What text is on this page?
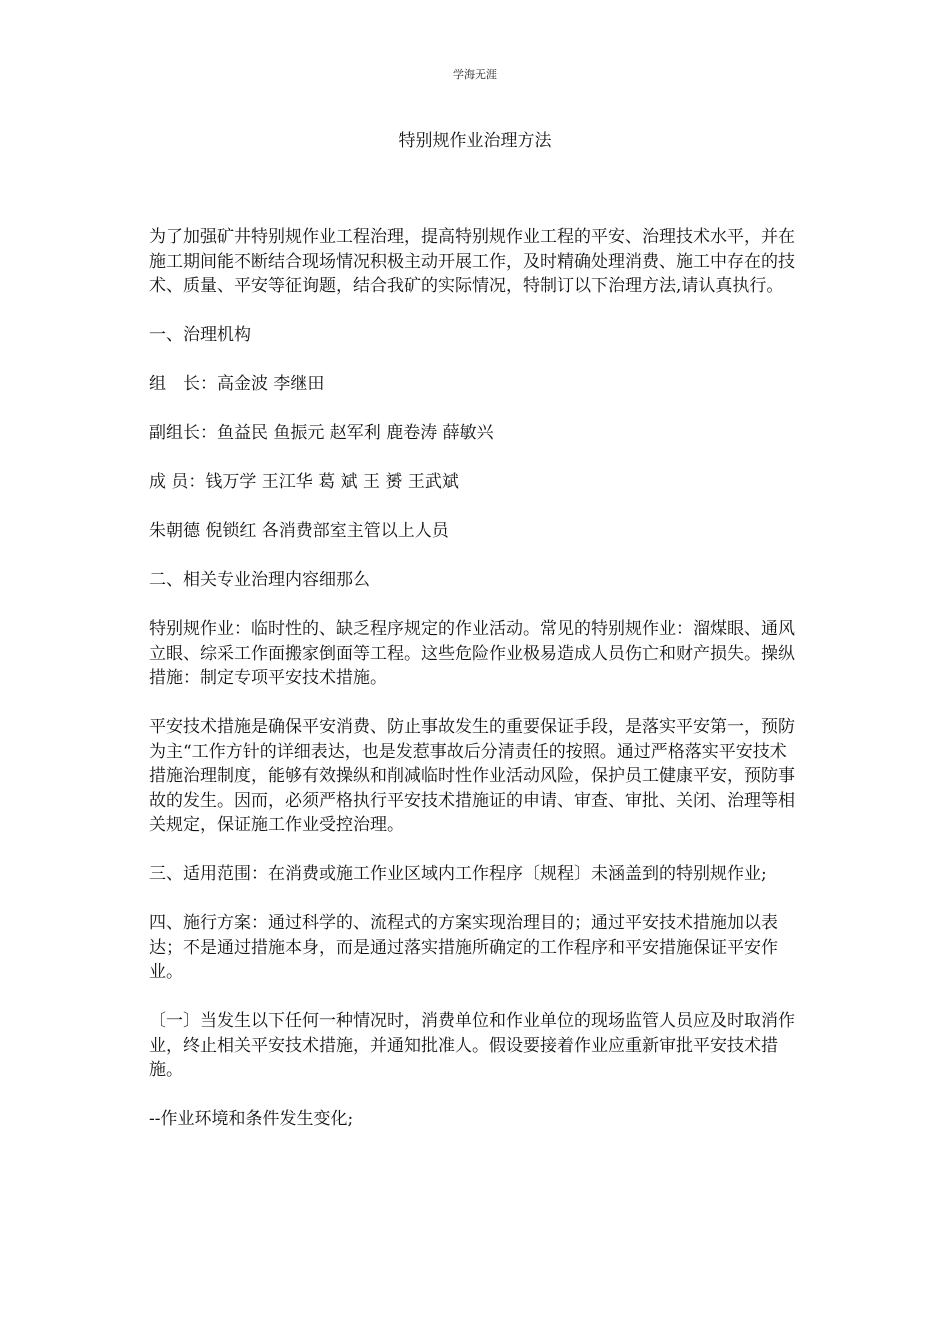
学海无涯
特别规作业治理方法

为了加强矿井特别规作业工程治理，提高特别规作业工程的平安、治理技术水平，并在施工期间能不断结合现场情况积极主动开展工作，及时精确处理消费、施工中存在的技术、质量、平安等征询题，结合我矿的实际情况，特制订以下治理方法,请认真执行。

一、治理机构

组　长：高金波 李继田

副组长：鱼益民 鱼振元 赵军利 鹿卷涛 薛敏兴

成 员：钱万学 王江华 葛 斌 王 赟 王武斌

朱朝德 倪锁红 各消费部室主管以上人员

二、相关专业治理内容细那么

特别规作业：临时性的、缺乏程序规定的作业活动。常见的特别规作业：溜煤眼、通风立眼、综采工作面搬家倒面等工程。这些危险作业极易造成人员伤亡和财产损失。操纵措施：制定专项平安技术措施。

平安技术措施是确保平安消费、防止事故发生的重要保证手段，是落实平安第一，预防为主“工作方针的详细表达，也是发惹事故后分清责任的按照。通过严格落实平安技术措施治理制度，能够有效操纵和削减临时性作业活动风险，保护员工健康平安，预防事故的发生。因而，必须严格执行平安技术措施证的申请、审查、审批、关闭、治理等相关规定，保证施工作业受控治理。

三、适用范围：在消费或施工作业区域内工作程序〔规程〕未涵盖到的特别规作业;

四、施行方案：通过科学的、流程式的方案实现治理目的；通过平安技术措施加以表达；不是通过措施本身，而是通过落实措施所确定的工作程序和平安措施保证平安作业。

〔一〕当发生以下任何一种情况时，消费单位和作业单位的现场监管人员应及时取消作业，终止相关平安技术措施，并通知批准人。假设要接着作业应重新审批平安技术措施。

--作业环境和条件发生变化;
